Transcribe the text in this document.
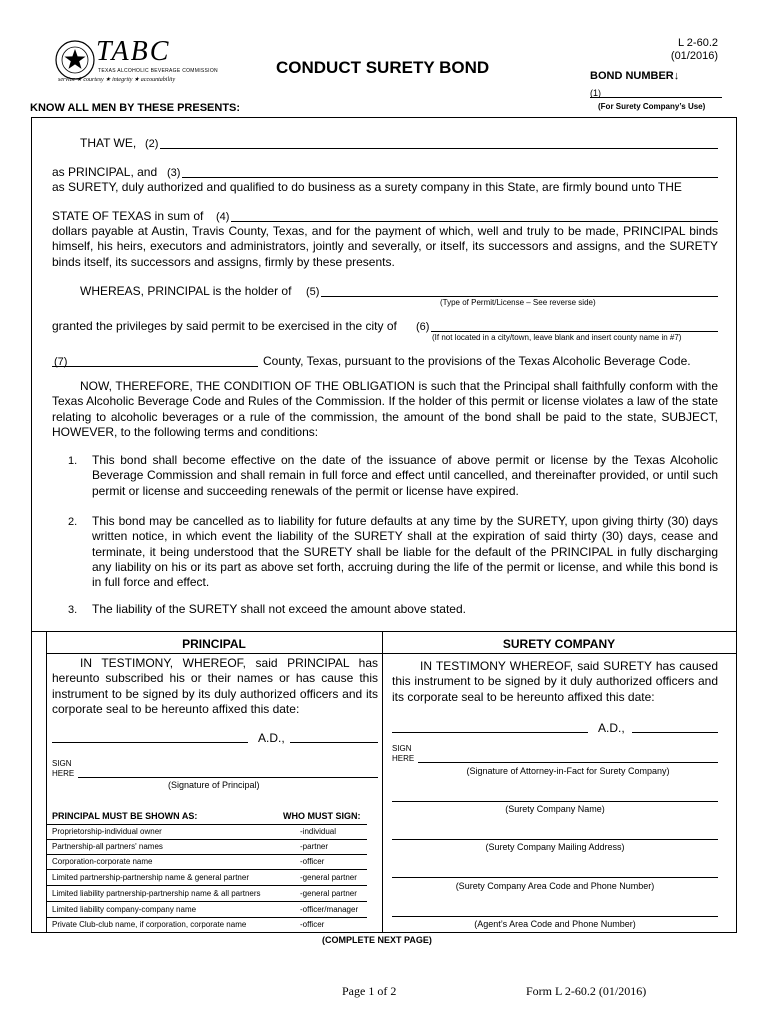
TABC
TEXAS ALCOHOLIC BEVERAGE COMMISSION
service ★ courtesy ★ integrity ★ accountability
L 2-60.2
(01/2016)
CONDUCT SURETY BOND	BOND NUMBER↓
(1)
(For Surety Company’s Use)
KNOW ALL MEN BY THESE PRESENTS:
THAT WE, (2)
as PRINCIPAL, and (3)
as SURETY, duly authorized and qualified to do business as a surety company in this State, are firmly bound unto THE
STATE OF TEXAS in sum of (4)
dollars payable at Austin, Travis County, Texas, and for the payment of which, well and truly to be made, PRINCIPAL binds himself, his heirs, executors and administrators, jointly and severally, or itself, its successors and assigns, and the SURETY binds itself, its successors and assigns, firmly by these presents.
WHEREAS, PRINCIPAL is the holder of (5)
(Type of Permit/License – See reverse side)
granted the privileges by said permit to be exercised in the city of (6)
(If not located in a city/town, leave blank and insert county name in #7)
(7)	County, Texas, pursuant to the provisions of the Texas Alcoholic Beverage Code.
NOW, THEREFORE, THE CONDITION OF THE OBLIGATION is such that the Principal shall faithfully conform with the Texas Alcoholic Beverage Code and Rules of the Commission. If the holder of this permit or license violates a law of the state relating to alcoholic beverages or a rule of the commission, the amount of the bond shall be paid to the state, SUBJECT, HOWEVER, to the following terms and conditions:
1. This bond shall become effective on the date of the issuance of above permit or license by the Texas Alcoholic Beverage Commission and shall remain in full force and effect until cancelled, and thereinafter provided, or until such permit or license and succeeding renewals of the permit or license have expired.
2. This bond may be cancelled as to liability for future defaults at any time by the SURETY, upon giving thirty (30) days written notice, in which event the liability of the SURETY shall at the expiration of said thirty (30) days, cease and terminate, it being understood that the SURETY shall be liable for the default of the PRINCIPAL in fully discharging any liability on his or its part as above set forth, accruing during the life of the permit or license, and while this bond is in full force and effect.
3. The liability of the SURETY shall not exceed the amount above stated.
PRINCIPAL	SURETY COMPANY
IN TESTIMONY, WHEREOF, said PRINCIPAL has hereunto subscribed his or their names or has cause this instrument to be signed by its duly authorized officers and its corporate seal to be hereunto affixed this date:
A.D.,
SIGN
HERE
(Signature of Principal)
PRINCIPAL MUST BE SHOWN AS:	WHO MUST SIGN:
Proprietorship-individual owner	-individual
Partnership-all partners' names	-partner
Corporation-corporate name	-officer
Limited partnership-partnership name & general partner	-general partner
Limited liability partnership-partnership name & all partners	-general partner
Limited liability company-company name	-officer/manager
Private Club-club name, if corporation, corporate name	-officer
IN TESTIMONY WHEREOF, said SURETY has caused this instrument to be signed by it duly authorized officers and its corporate seal to be hereunto affixed this date:
A.D.,
SIGN
HERE
(Signature of Attorney-in-Fact for Surety Company)
(Surety Company Name)
(Surety Company Mailing Address)
(Surety Company Area Code and Phone Number)
(Agent’s Area Code and Phone Number)
(COMPLETE NEXT PAGE)
Page 1 of 2	Form L 2-60.2 (01/2016)
